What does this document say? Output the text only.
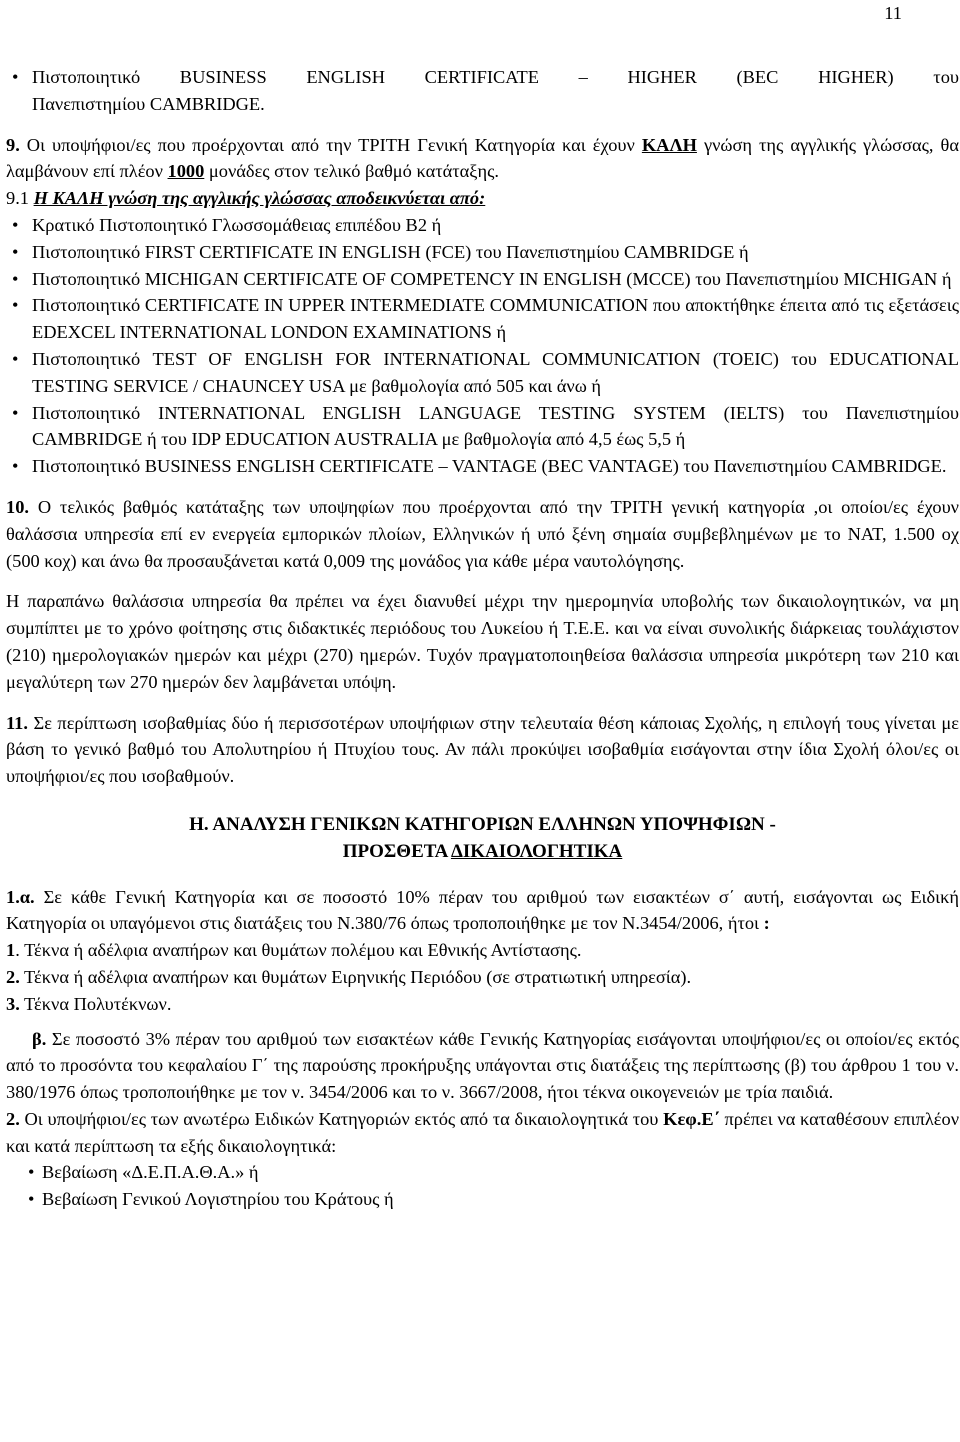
11
• Πιστοποιητικό BUSINESS ENGLISH CERTIFICATE – HIGHER (BEC HIGHER) του
Πανεπιστημίου CAMBRIDGE.

9. Οι υποψήφιοι/ες που προέρχονται από την ΤΡΙΤΗ Γενική Κατηγορία και έχουν ΚΑΛΗ γνώση της αγγλικής γλώσσας, θα λαμβάνουν επί πλέον 1000 μονάδες στον τελικό βαθμό κατάταξης.

9.1 Η ΚΑΛΗ γνώση της αγγλικής γλώσσας αποδεικνύεται από:

• Κρατικό Πιστοποιητικό Γλωσσομάθειας επιπέδου Β2 ή
• Πιστοποιητικό FIRST CERTIFICATE IN ENGLISH (FCE) του Πανεπιστημίου CAMBRIDGE ή
• Πιστοποιητικό MICHIGAN CERTIFICATE OF COMPETENCY IN ENGLISH (MCCE) του Πανεπιστημίου MICHIGAN ή
• Πιστοποιητικό CERTIFICATE IN UPPER INTERMEDIATE COMMUNICATION που αποκτήθηκε έπειτα από τις εξετάσεις EDEXCEL INTERNATIONAL LONDON EXAMINATIONS ή
• Πιστοποιητικό TEST OF ENGLISH FOR INTERNATIONAL COMMUNICATION (TOEIC) του EDUCATIONAL TESTING SERVICE / CHAUNCEY USA με βαθμολογία από 505 και άνω ή
• Πιστοποιητικό INTERNATIONAL ENGLISH LANGUAGE TESTING SYSTEM (IELTS) του Πανεπιστημίου CAMBRIDGE ή του IDP EDUCATION AUSTRALIA με βαθμολογία από 4,5 έως 5,5 ή
• Πιστοποιητικό BUSINESS ENGLISH CERTIFICATE – VANTAGE (BEC VANTAGE) του Πανεπιστημίου CAMBRIDGE.

10. Ο τελικός βαθμός κατάταξης των υποψηφίων που προέρχονται από την ΤΡΙΤΗ γενική κατηγορία ,οι οποίοι/ες έχουν θαλάσσια υπηρεσία επί εν ενεργεία εμπορικών πλοίων, Ελληνικών ή υπό ξένη σημαία συμβεβλημένων με το ΝΑΤ, 1.500 οχ (500 κοχ) και άνω θα προσαυξάνεται κατά 0,009 της μονάδος για κάθε μέρα ναυτολόγησης.

Η παραπάνω θαλάσσια υπηρεσία θα πρέπει να έχει διανυθεί μέχρι την ημερομηνία υποβολής των δικαιολογητικών, να μη συμπίπτει με το χρόνο φοίτησης στις διδακτικές περιόδους του Λυκείου ή Τ.Ε.Ε. και να είναι συνολικής διάρκειας τουλάχιστον (210) ημερολογιακών ημερών και μέχρι (270) ημερών. Τυχόν πραγματοποιηθείσα θαλάσσια υπηρεσία μικρότερη των 210 και μεγαλύτερη των 270 ημερών δεν λαμβάνεται υπόψη.

11. Σε περίπτωση ισοβαθμίας δύο ή περισσοτέρων υποψήφιων στην τελευταία θέση κάποιας Σχολής, η επιλογή τους γίνεται με βάση το γενικό βαθμό του Απολυτηρίου ή Πτυχίου τους. Αν πάλι προκύψει ισοβαθμία εισάγονται στην ίδια Σχολή όλοι/ες οι υποψήφιοι/ες που ισοβαθμούν.

Η. ΑΝΑΛΥΣΗ ΓΕΝΙΚΩΝ ΚΑΤΗΓΟΡΙΩΝ ΕΛΛΗΝΩΝ ΥΠΟΨΗΦΙΩΝ -
ΠΡΟΣΘΕΤΑ ΔΙΚΑΙΟΛΟΓΗΤΙΚΑ

1.α. Σε κάθε Γενική Κατηγορία και σε ποσοστό 10% πέραν του αριθμού των εισακτέων σ΄ αυτή, εισάγονται ως Ειδική Κατηγορία οι υπαγόμενοι στις διατάξεις του Ν.380/76 όπως τροποποιήθηκε με τον Ν.3454/2006, ήτοι :

1. Τέκνα ή αδέλφια αναπήρων και θυμάτων πολέμου και Εθνικής Αντίστασης.

2. Τέκνα ή αδέλφια αναπήρων και θυμάτων Ειρηνικής Περιόδου (σε στρατιωτική υπηρεσία).

3. Τέκνα Πολυτέκνων.

β. Σε ποσοστό 3% πέραν του αριθμού των εισακτέων κάθε Γενικής Κατηγορίας εισάγονται υποψήφιοι/ες οι οποίοι/ες εκτός από το προσόντα του κεφαλαίου Γ΄ της παρούσης προκήρυξης υπάγονται στις διατάξεις της περίπτωσης (β) του άρθρου 1 του ν. 380/1976 όπως τροποποιήθηκε με τον ν. 3454/2006 και το ν. 3667/2008, ήτοι τέκνα οικογενειών με τρία παιδιά.

2. Οι υποψήφιοι/ες των ανωτέρω Ειδικών Κατηγοριών εκτός από τα δικαιολογητικά του Κεφ.Ε΄ πρέπει να καταθέσουν επιπλέον και κατά περίπτωση τα εξής δικαιολογητικά:

• Βεβαίωση «Δ.Ε.Π.Α.Θ.Α.» ή
• Βεβαίωση Γενικού Λογιστηρίου του Κράτους ή
